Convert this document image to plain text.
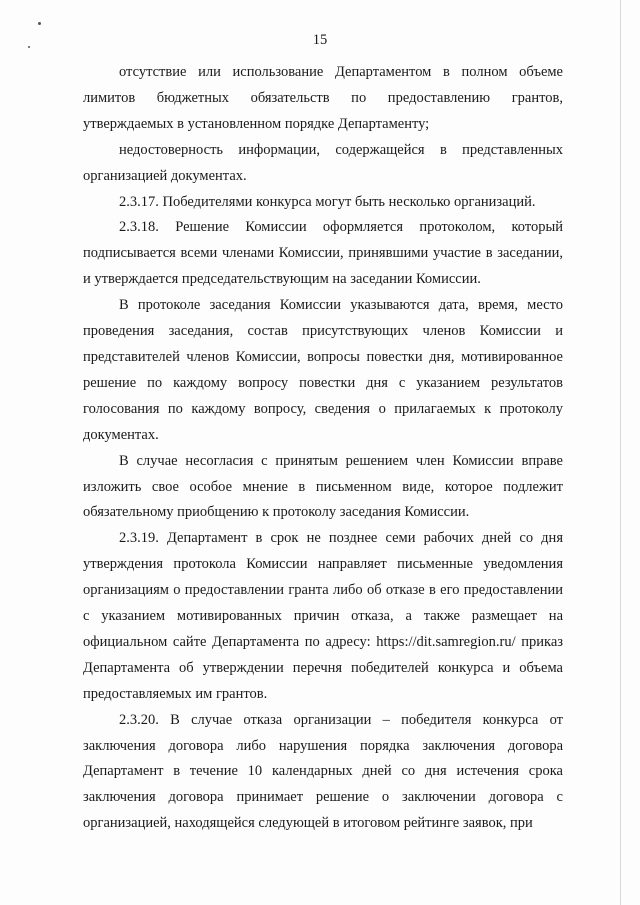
15

отсутствие или использование Департаментом в полном объеме лимитов бюджетных обязательств по предоставлению грантов, утверждаемых в установленном порядке Департаменту;

недостоверность информации, содержащейся в представленных организацией документах.

2.3.17. Победителями конкурса могут быть несколько организаций.

2.3.18. Решение Комиссии оформляется протоколом, который подписывается всеми членами Комиссии, принявшими участие в заседании, и утверждается председательствующим на заседании Комиссии.

В протоколе заседания Комиссии указываются дата, время, место проведения заседания, состав присутствующих членов Комиссии и представителей членов Комиссии, вопросы повестки дня, мотивированное решение по каждому вопросу повестки дня с указанием результатов голосования по каждому вопросу, сведения о прилагаемых к протоколу документах.

В случае несогласия с принятым решением член Комиссии вправе изложить свое особое мнение в письменном виде, которое подлежит обязательному приобщению к протоколу заседания Комиссии.

2.3.19. Департамент в срок не позднее семи рабочих дней со дня утверждения протокола Комиссии направляет письменные уведомления организациям о предоставлении гранта либо об отказе в его предоставлении с указанием мотивированных причин отказа, а также размещает на официальном сайте Департамента по адресу: https://dit.samregion.ru/ приказ Департамента об утверждении перечня победителей конкурса и объема предоставляемых им грантов.

2.3.20. В случае отказа организации – победителя конкурса от заключения договора либо нарушения порядка заключения договора Департамент в течение 10 календарных дней со дня истечения срока заключения договора принимает решение о заключении договора с организацией, находящейся следующей в итоговом рейтинге заявок, при
